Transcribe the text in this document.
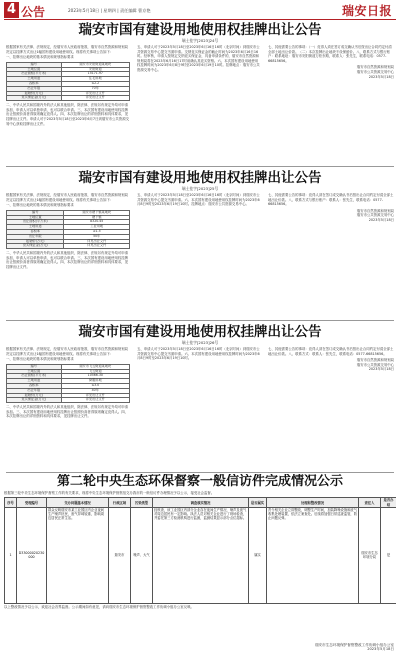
4 公告	2023年5月18日 | 星期四 | 责任编辑 曹京艳	瑞安日报
瑞安市国有建设用地使用权挂牌出让公告
瑞土挂字[2023]24号

根据国家有关法律、法规规定，经瑞安市人民政府批准，瑞安市自然资源和规划局决定以挂牌方式出让1幅国有建设用地使用权。现将有关事项公告如下：

一、挂牌出让地块的基本情况和规划指标要求

编号	瑞安市安阳街道某地块
土地位置	安阳街道
出让面积(平方米)	15171.97
土地用途	住宅用地
容积率	≤2.2
出让年限	70年
起始价(万元)	详见出让文件
竞买保证金(万元)	详见出让文件

二、中华人民共和国境内外的法人和其他组织，除法律、法规另有规定外均可申请参加，申请人可以单独申请，也可以联合申请。三、本次国有建设用地使用权挂牌出让按照价高者得原则确定竞得人。四、本次挂牌出让的详细资料和具体要求，见挂牌出让文件。申请人可于2023年5月18日至2023年6月7日到瑞安市公共资源交易中心获取挂牌出让文件。

五、申请人可于2023年5月18日至2023年6月16日16时（北京时间）到瑞安市公共资源交易中心提交书面申请。交纳竞买保证金的截止时间为2023年6月16日16时。经审核，申请人按规定交纳竞买保证金，具备申请条件的，瑞安市自然资源和规划局将在2023年6月16日17时前确认其竞买资格。六、本次国有建设用地使用权挂牌时间为2023年6月8日9时至2023年6月19日10时。挂牌地点：瑞安市公共资源交易中心。

七、其他需要公告的事项：（一）竞得人须在签订成交确认书后按出让合同约定付清全部土地出让价款。（二）本次挂牌出让地块不设保留价。八、联系方式与银行账户：联系地址：瑞安市安阳街道万松东路，联系人：张先生，联系电话：0577-66815656。

瑞安市自然资源和规划局
瑞安市公共资源交易中心
2023年5月18日
瑞安市国有建设用地使用权挂牌出让公告
瑞土挂字[2023]25号

根据国家有关法律、法规规定，经瑞安市人民政府批准，瑞安市自然资源和规划局决定以挂牌方式出让1幅国有建设用地使用权。现将有关事项公告如下：

一、挂牌出让地块的基本情况和规划指标要求

编号	瑞安市塘下镇某地块
土地位置	塘下镇
出让面积(平方米)	8320.45
土地用途	工业用地
容积率	≥1.5
出让年限	50年
起始价(万元)	详见出让文件
竞买保证金(万元)	详见出让文件

二、中华人民共和国境内外的法人和其他组织，除法律、法规另有规定外均可申请参加，申请人可以单独申请，也可以联合申请。三、本次国有建设用地使用权挂牌出让按照价高者得原则确定竞得人。四、本次挂牌出让的详细资料和具体要求，见挂牌出让文件。

五、申请人可于2023年5月18日至2023年6月16日16时（北京时间）到瑞安市公共资源交易中心提交书面申请。六、本次国有建设用地使用权挂牌时间为2023年6月8日9时至2023年6月19日10时。挂牌地点：瑞安市公共资源交易中心。

七、其他需要公告的事项：竞得人须在签订成交确认书后按出让合同约定付清全部土地出让价款。八、联系方式与银行账户：联系人：张先生，联系电话：0577-66815656。

瑞安市自然资源和规划局
瑞安市公共资源交易中心
2023年5月18日
瑞安市国有建设用地使用权挂牌出让公告
瑞土挂字[2023]26号

根据国家有关法律、法规规定，经瑞安市人民政府批准，瑞安市自然资源和规划局决定以挂牌方式出让1幅国有建设用地使用权。现将有关事项公告如下：

一、挂牌出让地块的基本情况和规划指标要求

编号	瑞安市飞云街道某地块
土地位置	飞云街道
出让面积(平方米)	10566.30
土地用途	商服用地
容积率	≤3.0
出让年限	40年
起始价(万元)	详见出让文件
竞买保证金(万元)	详见出让文件

二、中华人民共和国境内外的法人和其他组织，除法律、法规另有规定外均可申请参加。三、本次国有建设用地使用权挂牌出让按照价高者得原则确定竞得人。四、本次挂牌出让的详细资料和具体要求，见挂牌出让文件。

五、申请人可于2023年5月18日至2023年6月16日16时（北京时间）到瑞安市公共资源交易中心提交书面申请。六、本次国有建设用地使用权挂牌时间为2023年6月8日9时至2023年6月19日10时。

七、其他需要公告的事项：竞得人须在签订成交确认书后按出让合同约定付清全部土地出让价款。八、联系方式：联系人：张先生，联系电话：0577-66815656。

瑞安市自然资源和规划局
瑞安市公共资源交易中心
2023年5月18日
第二轮中央生态环保督察一般信访件完成情况公示
根据第三轮中央生态环境保护督察工作的有关要求，现将中央生态环境保护督察组交办我市的一般信访件办理情况予以公示，接受社会监督。
序号	受理编号	交办问题基本情况	行政区域	污染类型	调查核实情况	是否属实	处理和整改情况	责任人	是否办结
1	D33000020230000	群众反映瑞安市某工业园区内企业夜间生产噪声扰民，废气异味较重，影响周边居民正常生活。	瑞安市	噪声、大气	经核查，该工业园区内部分企业存在夜间生产情况，噪声及废气对周边居民有一定影响。执法人员对相关企业进行了现场检查，并委托第三方检测机构进行监测，监测结果显示部分点位超标。	属实	责令相关企业立即整改，调整生产时间，加装降噪设施和废气收集处理装置，依法立案查处。后续将加强日常巡查监管，防止问题反弹。	瑞安市生态环境分局	是
以上整改情况予以公示，欢迎社会各界监督。公示期间如有意见，请向瑞安市生态环境保护督察整改工作协调小组办公室反映。
瑞安市生态环境保护督察整改工作协调小组办公室
2023年5月18日
